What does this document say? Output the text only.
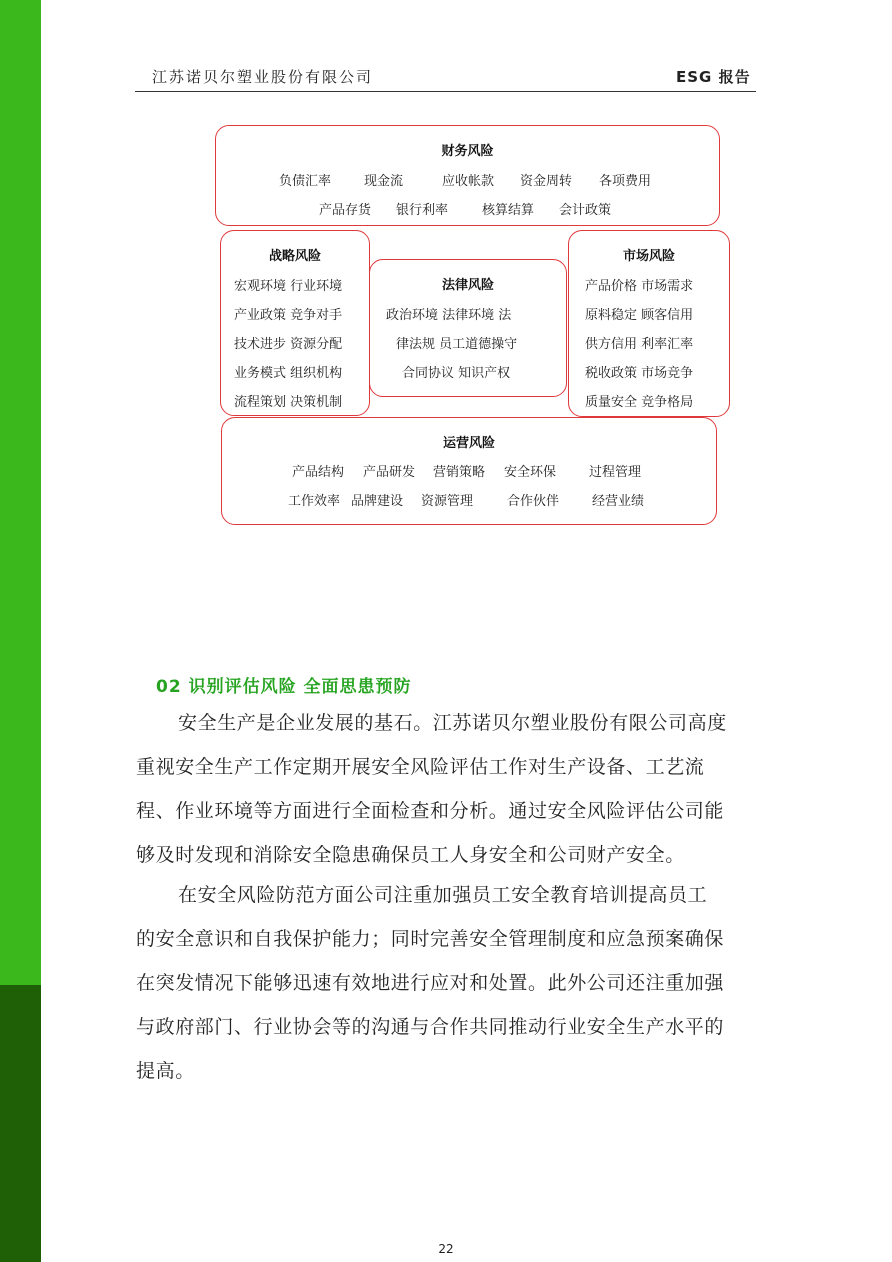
江苏诺贝尔塑业股份有限公司	ESG 报告
财务风险
负债汇率	现金流	应收帐款 资金周转 各项费用
产品存货 银行利率	核算结算 会计政策
战略风险
宏观环境 行业环境
产业政策 竞争对手
技术进步 资源分配
业务模式 组织机构
流程策划 决策机制
法律风险
政治环境 法律环境 法
律法规 员工道德操守
合同协议 知识产权
市场风险
产品价格 市场需求
原料稳定 顾客信用
供方信用 利率汇率
税收政策 市场竞争
质量安全 竞争格局
运营风险
产品结构 产品研发 营销策略 安全环保	过程管理
工作效率 品牌建设 资源管理	合作伙伴	经营业绩
02 识别评估风险 全面思患预防
安全生产是企业发展的基石。江苏诺贝尔塑业股份有限公司高度
重视安全生产工作定期开展安全风险评估工作对生产设备、工艺流
程、作业环境等方面进行全面检查和分析。通过安全风险评估公司能
够及时发现和消除安全隐患确保员工人身安全和公司财产安全。
在安全风险防范方面公司注重加强员工安全教育培训提高员工
的安全意识和自我保护能力；同时完善安全管理制度和应急预案确保
在突发情况下能够迅速有效地进行应对和处置。此外公司还注重加强
与政府部门、行业协会等的沟通与合作共同推动行业安全生产水平的
提高。
22
